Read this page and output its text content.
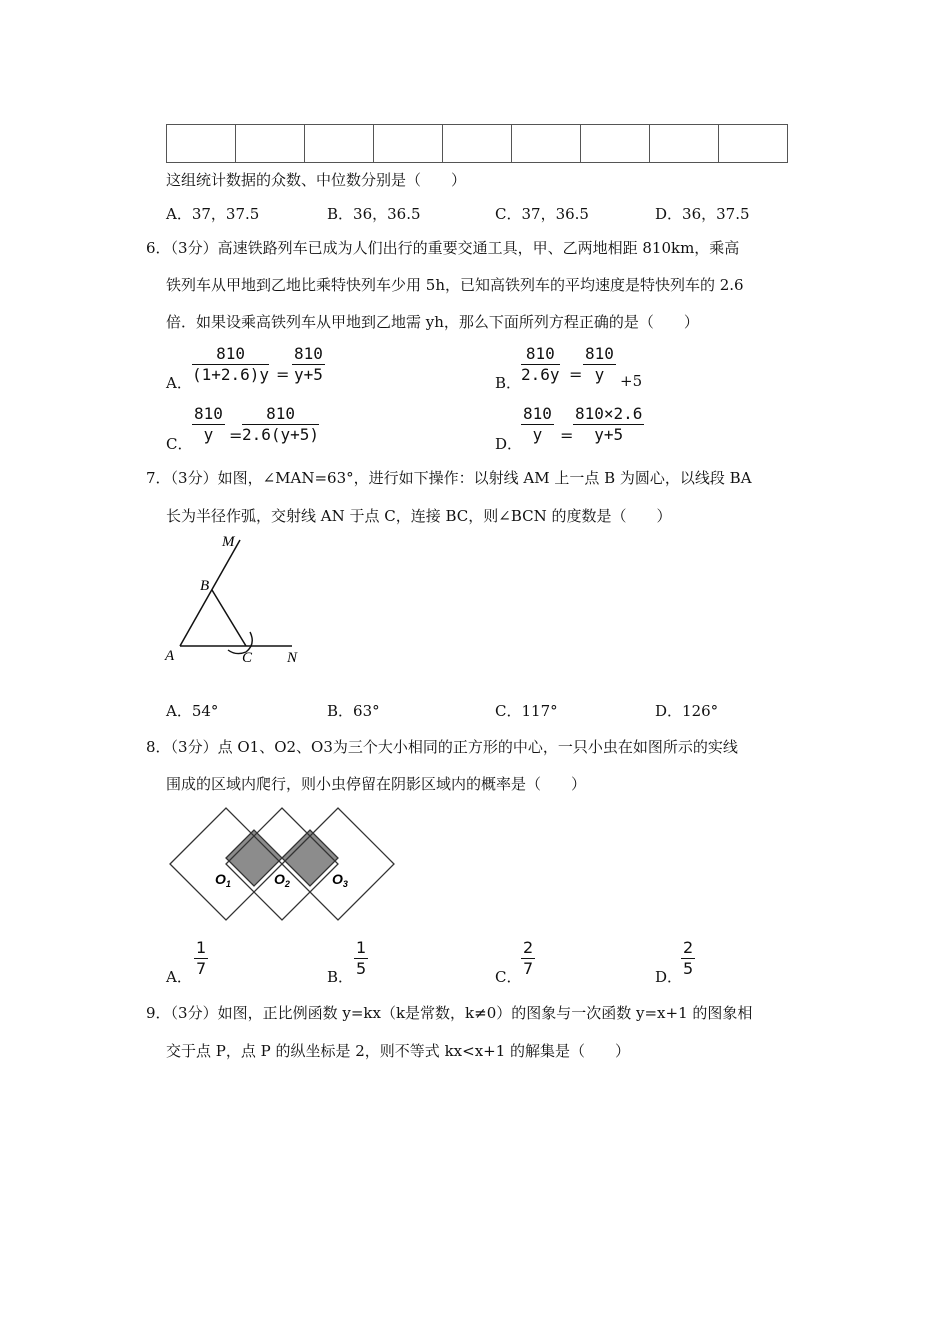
这组统计数据的众数、中位数分别是（　　）
A．37，37.5	B．36，36.5	C．37，36.5	D．36，37.5
6．（3分）高速铁路列车已成为人们出行的重要交通工具，甲、乙两地相距 810km，乘高
铁列车从甲地到乙地比乘特快列车少用 5h，已知高铁列车的平均速度是特快列车的 2.6
倍．如果设乘高铁列车从甲地到乙地需 yh，那么下面所列方程正确的是（　　）
A． $\frac{810}{(1+2.6)y} = \frac{810}{y+5}$	B． $\frac{810}{2.6y} = \frac{810}{y} +5$
C． $\frac{810}{y} = \frac{810}{2.6(y+5)}$	D．
$\frac{810}{y} = \frac{810\times 2.6}{y+5}$
7．（3分）如图，∠MAN=63°，进行如下操作：以射线 AM 上一点 B 为圆心，以线段 BA
长为半径作弧，交射线 AN 于点 C，连接 BC，则∠BCN 的度数是（　　）
M
B
A	C N
A．54°	B．63°	C．117°	D．126°
8．（3分）点 O1、O2、O3为三个大小相同的正方形的中心，一只小虫在如图所示的实线
围成的区域内爬行，则小虫停留在阴影区域内的概率是（　　）
$O_1$	$O_2$	$O_3$
A． $\frac{1}{7}$	B． $\frac{1}{5}$	C． $\frac{2}{7}$	D．
$\frac{2}{5}$
9．（3分）如图，正比例函数 y=kx（k是常数，k≠0）的图象与一次函数 y=x+1 的图象相
交于点 P，点 P 的纵坐标是 2，则不等式 kx<x+1 的解集是（　　）
